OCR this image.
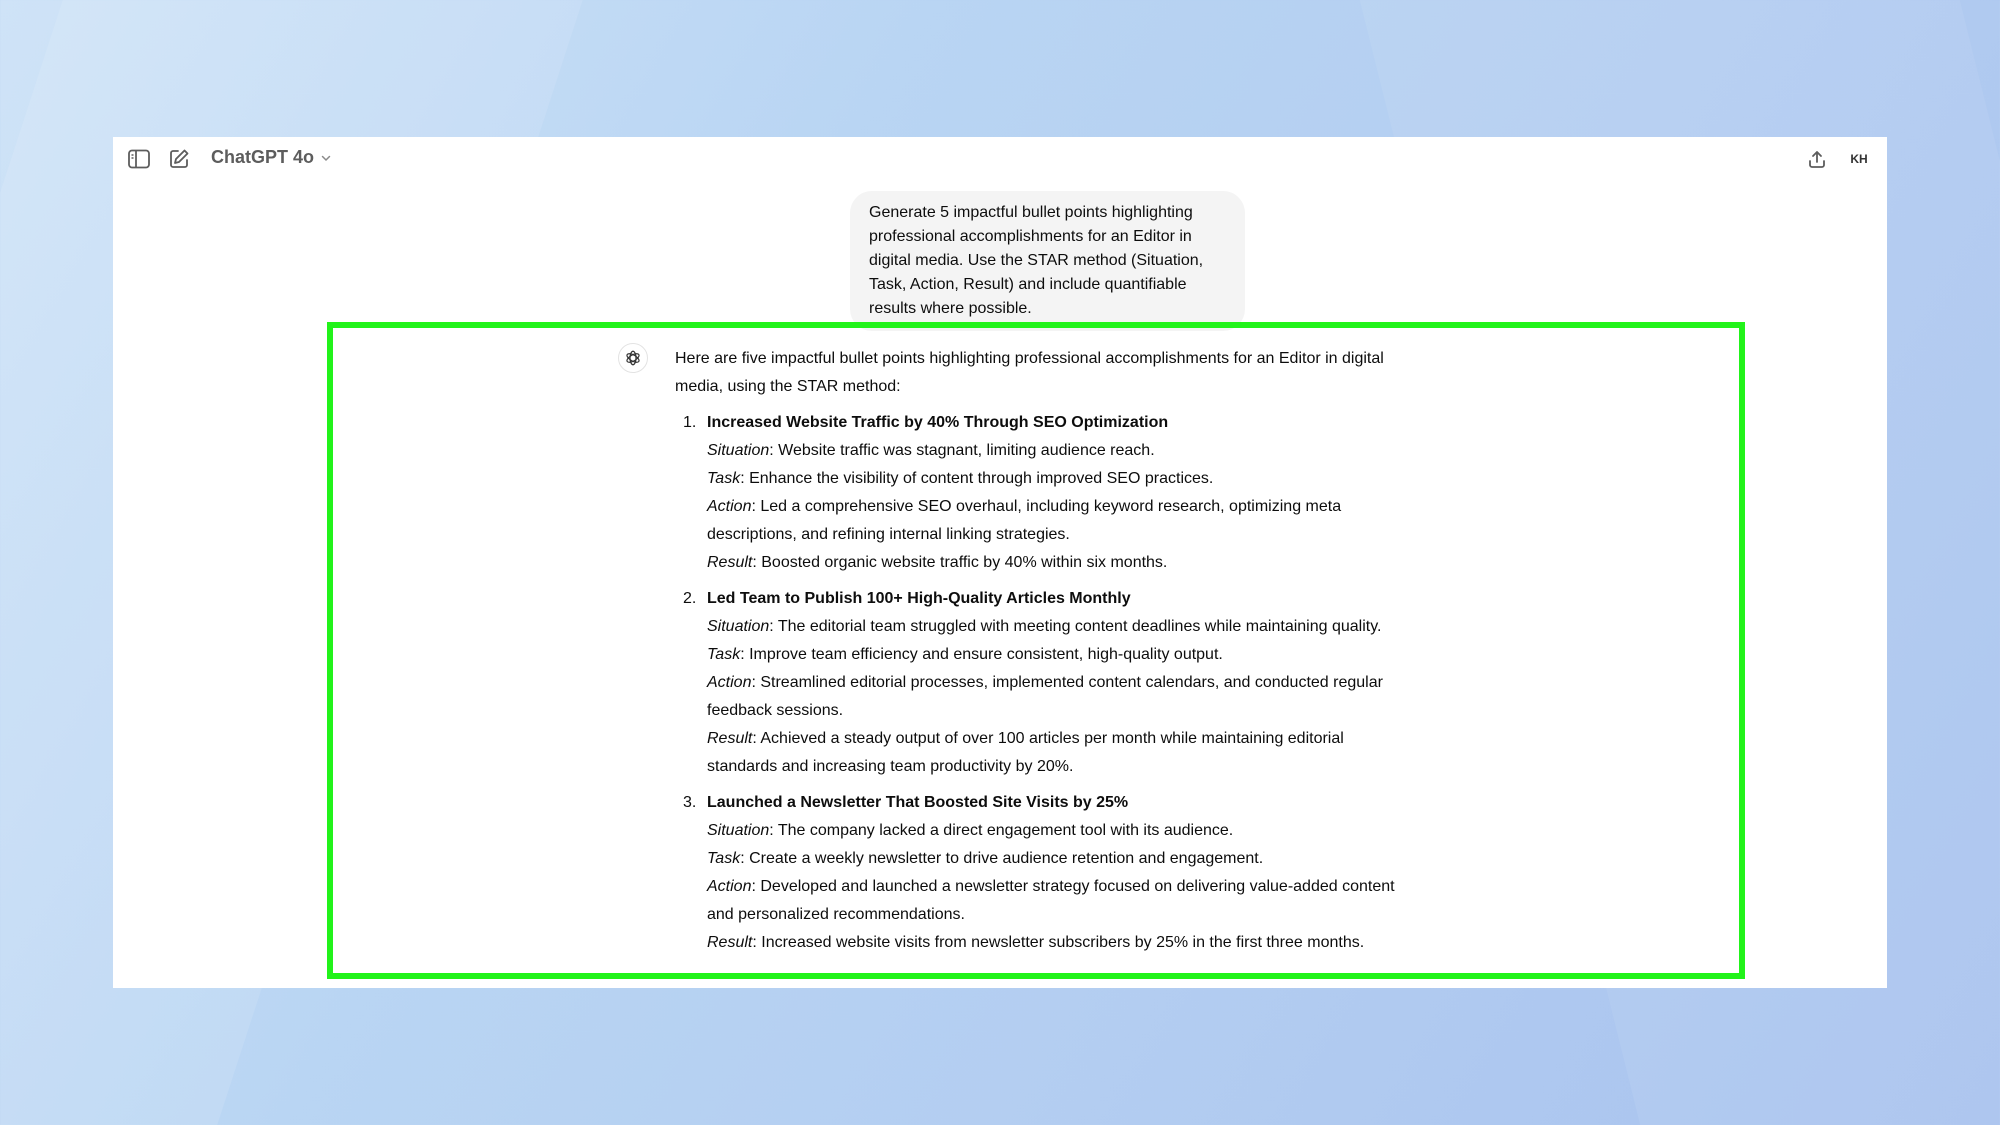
ChatGPT 4o	KH
Generate 5 impactful bullet points highlighting professional accomplishments for an Editor in digital media. Use the STAR method (Situation, Task, Action, Result) and include quantifiable results where possible.

Here are five impactful bullet points highlighting professional accomplishments for an Editor in digital media, using the STAR method:

1. Increased Website Traffic by 40% Through SEO Optimization
Situation: Website traffic was stagnant, limiting audience reach.
Task: Enhance the visibility of content through improved SEO practices.
Action: Led a comprehensive SEO overhaul, including keyword research, optimizing meta descriptions, and refining internal linking strategies.
Result: Boosted organic website traffic by 40% within six months.
2. Led Team to Publish 100+ High-Quality Articles Monthly
Situation: The editorial team struggled with meeting content deadlines while maintaining quality.
Task: Improve team efficiency and ensure consistent, high-quality output.
Action: Streamlined editorial processes, implemented content calendars, and conducted regular feedback sessions.
Result: Achieved a steady output of over 100 articles per month while maintaining editorial standards and increasing team productivity by 20%.
3. Launched a Newsletter That Boosted Site Visits by 25%
Situation: The company lacked a direct engagement tool with its audience.
Task: Create a weekly newsletter to drive audience retention and engagement.
Action: Developed and launched a newsletter strategy focused on delivering value-added content and personalized recommendations.
Result: Increased website visits from newsletter subscribers by 25% in the first three months.
